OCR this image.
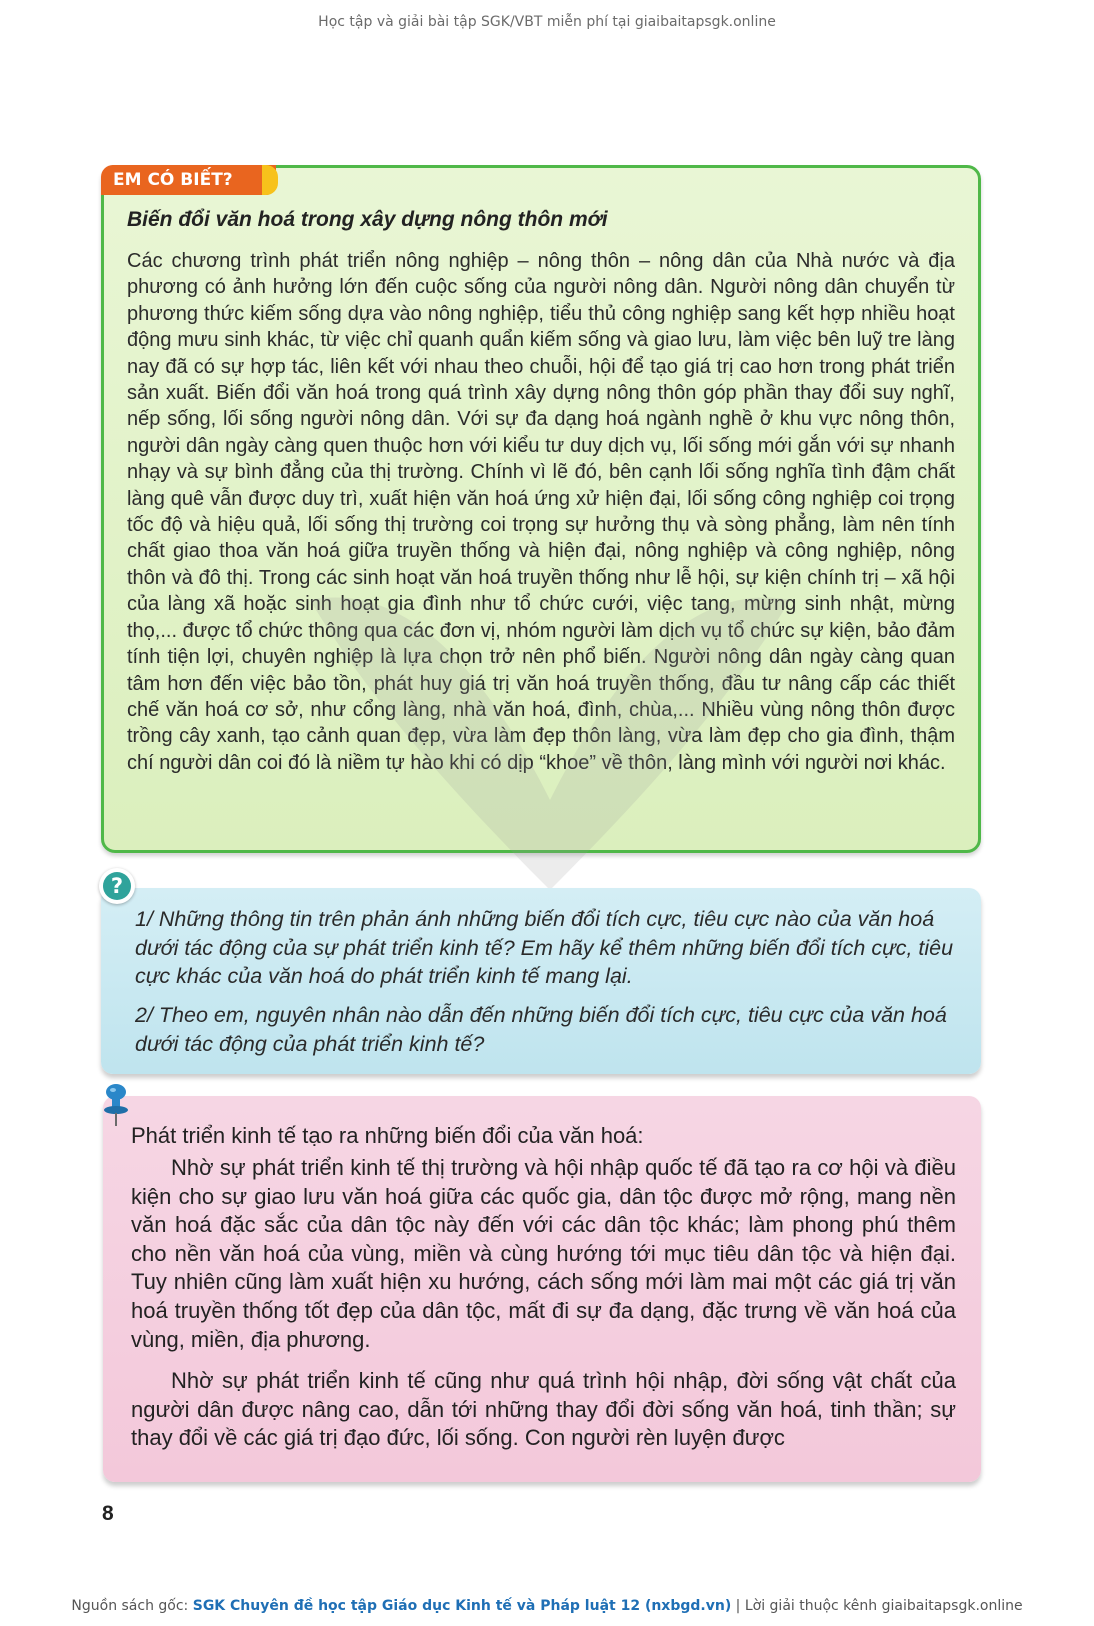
Học tập và giải bài tập SGK/VBT miễn phí tại giaibaitapsgk.online
EM CÓ BIẾT?
Biến đổi văn hoá trong xây dựng nông thôn mới
Các chương trình phát triển nông nghiệp – nông thôn – nông dân của Nhà nước và địa phương có ảnh hưởng lớn đến cuộc sống của người nông dân. Người nông dân chuyển từ phương thức kiếm sống dựa vào nông nghiệp, tiểu thủ công nghiệp sang kết hợp nhiều hoạt động mưu sinh khác, từ việc chỉ quanh quẩn kiếm sống và giao lưu, làm việc bên luỹ tre làng nay đã có sự hợp tác, liên kết với nhau theo chuỗi, hội để tạo giá trị cao hơn trong phát triển sản xuất. Biến đổi văn hoá trong quá trình xây dựng nông thôn góp phần thay đổi suy nghĩ, nếp sống, lối sống người nông dân. Với sự đa dạng hoá ngành nghề ở khu vực nông thôn, người dân ngày càng quen thuộc hơn với kiểu tư duy dịch vụ, lối sống mới gắn với sự nhanh nhạy và sự bình đẳng của thị trường. Chính vì lẽ đó, bên cạnh lối sống nghĩa tình đậm chất làng quê vẫn được duy trì, xuất hiện văn hoá ứng xử hiện đại, lối sống công nghiệp coi trọng tốc độ và hiệu quả, lối sống thị trường coi trọng sự hưởng thụ và sòng phẳng, làm nên tính chất giao thoa văn hoá giữa truyền thống và hiện đại, nông nghiệp và công nghiệp, nông thôn và đô thị. Trong các sinh hoạt văn hoá truyền thống như lễ hội, sự kiện chính trị – xã hội của làng xã hoặc sinh hoạt gia đình như tổ chức cưới, việc tang, mừng sinh nhật, mừng thọ,... được tổ chức thông qua các đơn vị, nhóm người làm dịch vụ tổ chức sự kiện, bảo đảm tính tiện lợi, chuyên nghiệp là lựa chọn trở nên phổ biến. Người nông dân ngày càng quan tâm hơn đến việc bảo tồn, phát huy giá trị văn hoá truyền thống, đầu tư nâng cấp các thiết chế văn hoá cơ sở, như cổng làng, nhà văn hoá, đình, chùa,... Nhiều vùng nông thôn được trồng cây xanh, tạo cảnh quan đẹp, vừa làm đẹp thôn làng, vừa làm đẹp cho gia đình, thậm chí người dân coi đó là niềm tự hào khi có dịp “khoe” về thôn, làng mình với người nơi khác.
?
1/ Những thông tin trên phản ánh những biến đổi tích cực, tiêu cực nào của văn hoá dưới tác động của sự phát triển kinh tế? Em hãy kể thêm những biến đổi tích cực, tiêu cực khác của văn hoá do phát triển kinh tế mang lại.
2/ Theo em, nguyên nhân nào dẫn đến những biến đổi tích cực, tiêu cực của văn hoá dưới tác động của phát triển kinh tế?
Phát triển kinh tế tạo ra những biến đổi của văn hoá:
Nhờ sự phát triển kinh tế thị trường và hội nhập quốc tế đã tạo ra cơ hội và điều kiện cho sự giao lưu văn hoá giữa các quốc gia, dân tộc được mở rộng, mang nền văn hoá đặc sắc của dân tộc này đến với các dân tộc khác; làm phong phú thêm cho nền văn hoá của vùng, miền và cùng hướng tới mục tiêu dân tộc và hiện đại. Tuy nhiên cũng làm xuất hiện xu hướng, cách sống mới làm mai một các giá trị văn hoá truyền thống tốt đẹp của dân tộc, mất đi sự đa dạng, đặc trưng về văn hoá của vùng, miền, địa phương.
Nhờ sự phát triển kinh tế cũng như quá trình hội nhập, đời sống vật chất của người dân được nâng cao, dẫn tới những thay đổi đời sống văn hoá, tinh thần; sự thay đổi về các giá trị đạo đức, lối sống. Con người rèn luyện được
8
Nguồn sách gốc: SGK Chuyên đề học tập Giáo dục Kinh tế và Pháp luật 12 (nxbgd.vn) | Lời giải thuộc kênh giaibaitapsgk.online
